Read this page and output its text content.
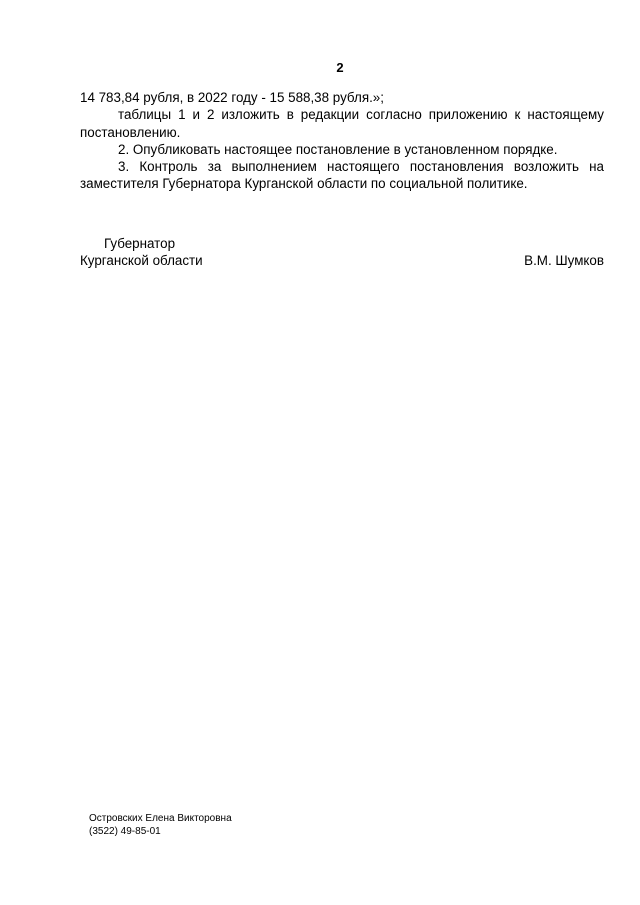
2

14 783,84 рубля, в 2022 году - 15 588,38 рубля.»;

таблицы 1 и 2 изложить в редакции согласно приложению к настоящему

постановлению.

2. Опубликовать настоящее постановление в установленном порядке.

3. Контроль за выполнением настоящего постановления возложить на

заместителя Губернатора Курганской области по социальной политике.

Губернатор
Курганской области	В.М. Шумков
Островских Елена Викторовна
(3522) 49-85-01
